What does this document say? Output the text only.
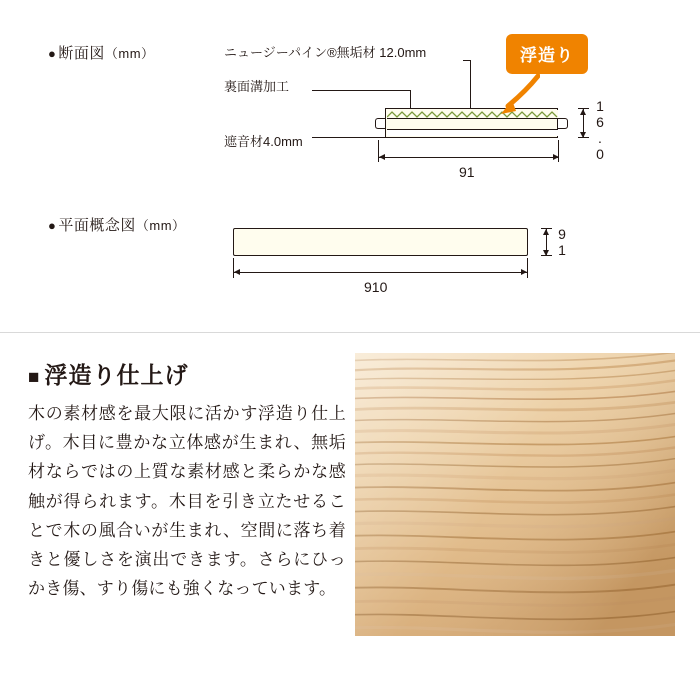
● 断面図（mm）	ニュージーパイン®無垢材 12.0mm
裏面溝加工
遮音材4.0mm	16.0
91
浮造り
● 平面概念図（mm）
91
910
■ 浮造り仕上げ
木の素材感を最大限に活かす浮造り仕上げ。木目に豊かな立体感が生まれ、無垢材ならではの上質な素材感と柔らかな感触が得られます。木目を引き立たせることで木の風合いが生まれ、空間に落ち着きと優しさを演出できます。さらにひっかき傷、すり傷にも強くなっています。
